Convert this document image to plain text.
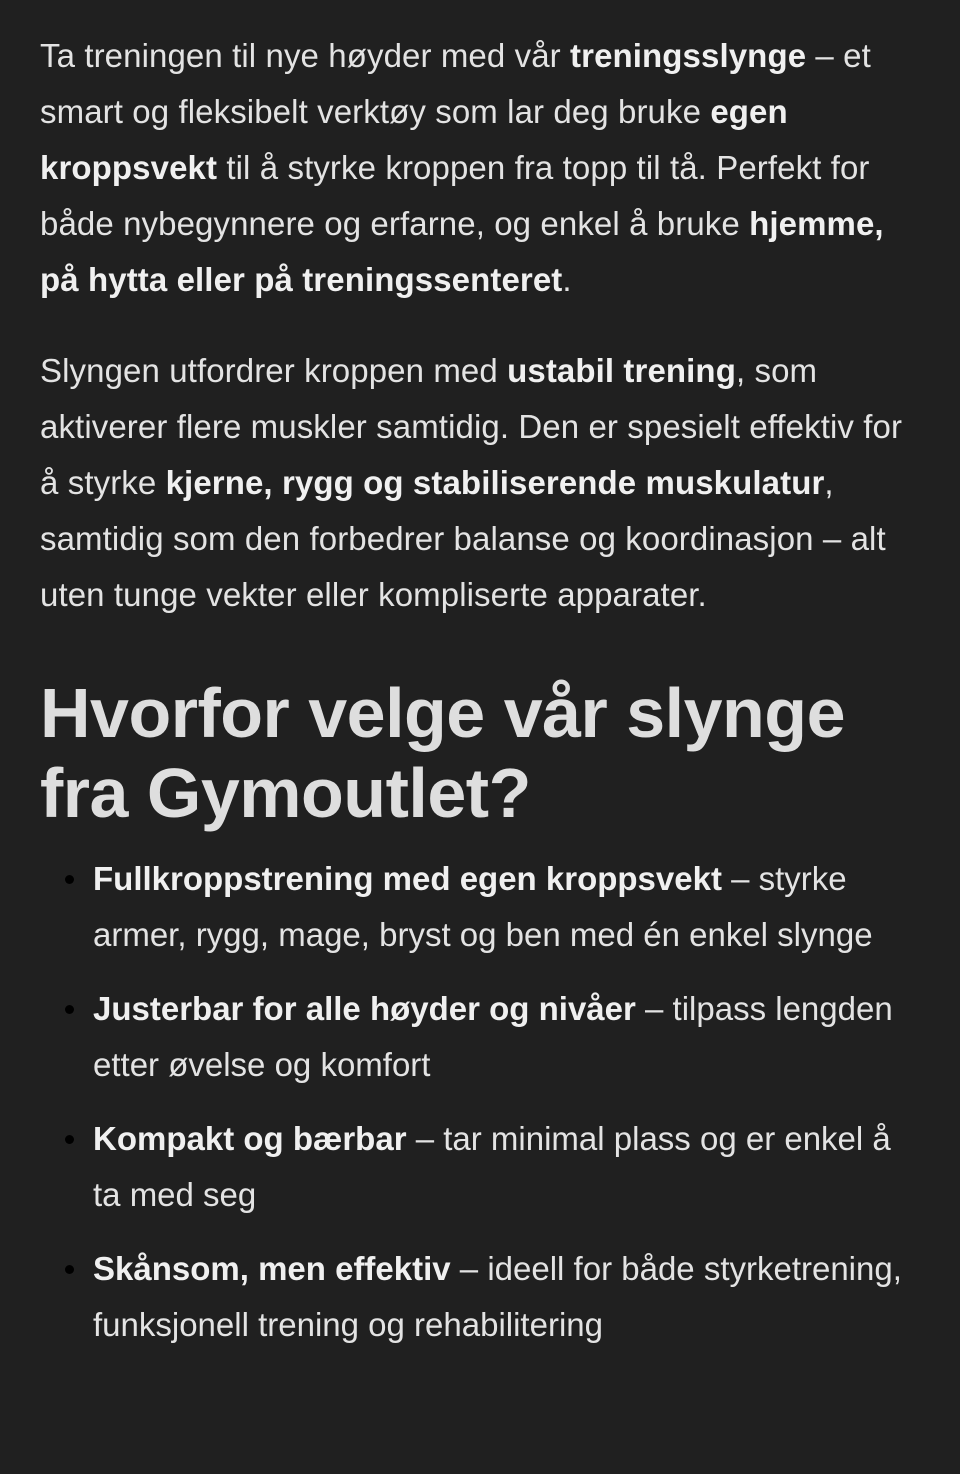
Ta treningen til nye høyder med vår treningsslynge – et smart og fleksibelt verktøy som lar deg bruke egen kroppsvekt til å styrke kroppen fra topp til tå. Perfekt for både nybegynnere og erfarne, og enkel å bruke hjemme, på hytta eller på treningssenteret.

Slyngen utfordrer kroppen med ustabil trening, som aktiverer flere muskler samtidig. Den er spesielt effektiv for å styrke kjerne, rygg og stabiliserende muskulatur, samtidig som den forbedrer balanse og koordinasjon – alt uten tunge vekter eller kompliserte apparater.

Hvorfor velge vår slynge fra Gymoutlet?
Fullkroppstrening med egen kroppsvekt – styrke armer, rygg, mage, bryst og ben med én enkel slynge
Justerbar for alle høyder og nivåer – tilpass lengden etter øvelse og komfort
Kompakt og bærbar – tar minimal plass og er enkel å ta med seg
Skånsom, men effektiv – ideell for både styrketrening, funksjonell trening og rehabilitering
